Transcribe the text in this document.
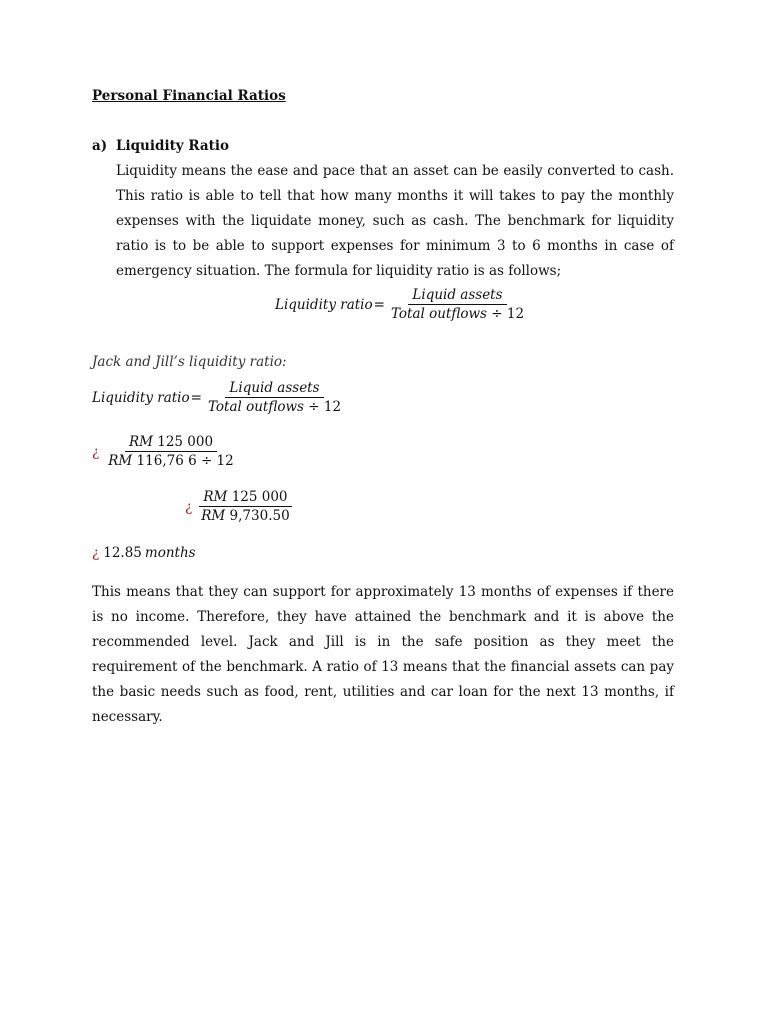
Personal Financial Ratios
a) Liquidity Ratio

Liquidity means the ease and pace that an asset can be easily converted to cash. This ratio is able to tell that how many months it will takes to pay the monthly expenses with the liquidate money, such as cash. The benchmark for liquidity ratio is to be able to support expenses for minimum 3 to 6 months in case of emergency situation. The formula for liquidity ratio is as follows;

Liquidity ratio = $\frac{\text{Liquid assets}}{\text{Total outflows ÷ 12}}$
Jack and Jill’s liquidity ratio:
Liquidity ratio = $\frac{\text{Liquid assets}}{\text{Total outflows ÷ 12}}$
¿ $\frac{RM 125 000}{RM 116,76 6 \div 12}$
¿ $\frac{RM 125 000}{RM 9,730.50}$
¿ 12.85 months

This means that they can support for approximately 13 months of expenses if there is no income. Therefore, they have attained the benchmark and it is above the recommended level. Jack and Jill is in the safe position as they meet the requirement of the benchmark. A ratio of 13 means that the financial assets can pay the basic needs such as food, rent, utilities and car loan for the next 13 months, if necessary.
